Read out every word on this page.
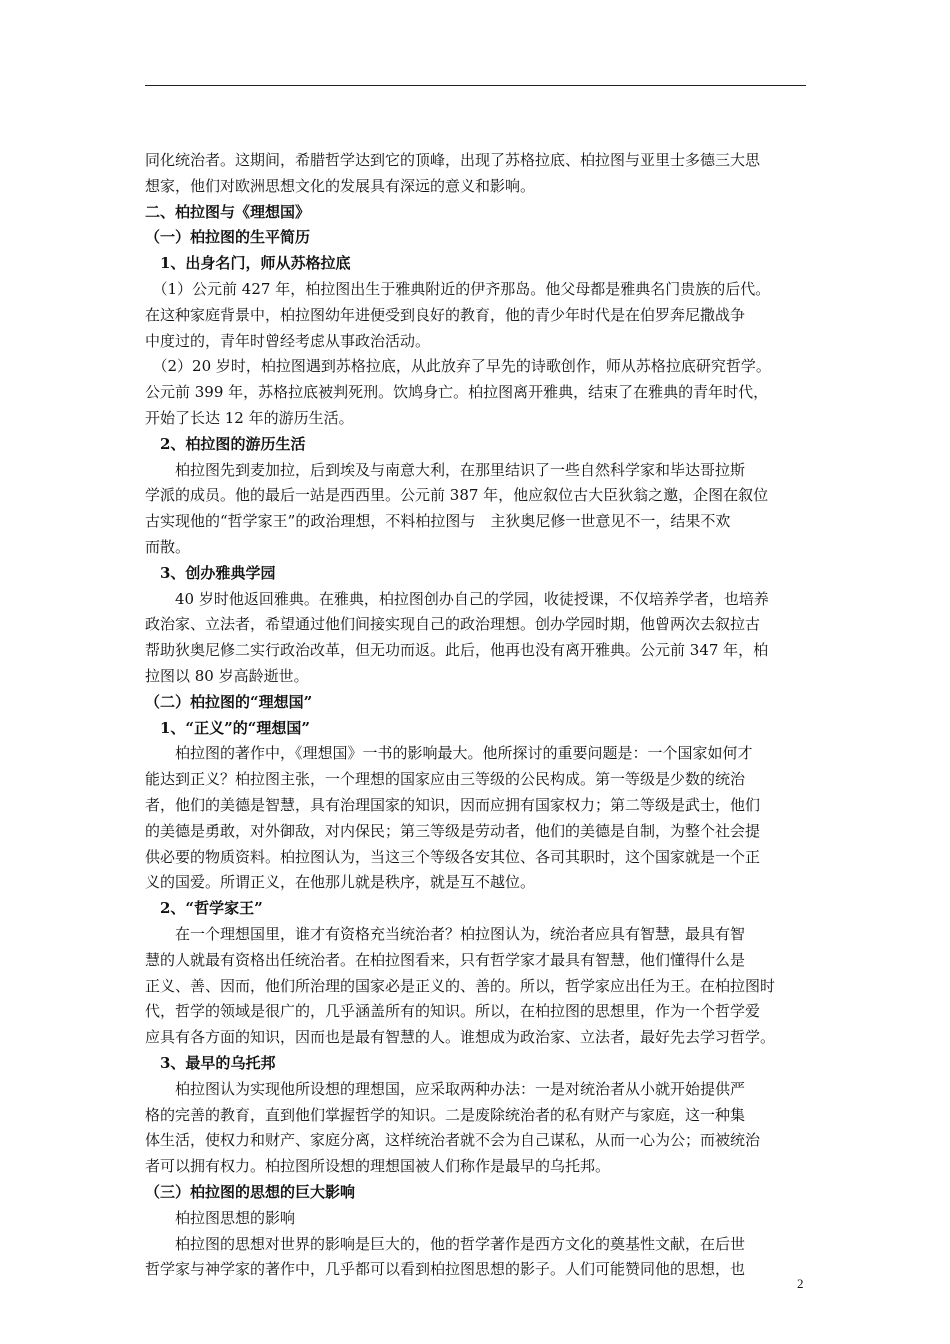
同化统治者。这期间，希腊哲学达到它的顶峰，出现了苏格拉底、柏拉图与亚里士多德三大思
想家，他们对欧洲思想文化的发展具有深远的意义和影响。
二、柏拉图与《理想国》
（一）柏拉图的生平简历
　1、出身名门，师从苏格拉底
　（1）公元前 427 年，柏拉图出生于雅典附近的伊齐那岛。他父母都是雅典名门贵族的后代。
在这种家庭背景中，柏拉图幼年进便受到良好的教育，他的青少年时代是在伯罗奔尼撒战争
中度过的，青年时曾经考虑从事政治活动。
　（2）20 岁时，柏拉图遇到苏格拉底，从此放弃了早先的诗歌创作，师从苏格拉底研究哲学。
公元前 399 年，苏格拉底被判死刑。饮鸠身亡。柏拉图离开雅典，结束了在雅典的青年时代，
开始了长达 12 年的游历生活。
　2、柏拉图的游历生活
　　柏拉图先到麦加拉，后到埃及与南意大利，在那里结识了一些自然科学家和毕达哥拉斯
学派的成员。他的最后一站是西西里。公元前 387 年，他应叙位古大臣狄翁之邀，企图在叙位
古实现他的“哲学家王”的政治理想，不料柏拉图与　主狄奥尼修一世意见不一，结果不欢
而散。
　3、创办雅典学园
　　40 岁时他返回雅典。在雅典，柏拉图创办自己的学园，收徒授课，不仅培养学者，也培养
政治家、立法者，希望通过他们间接实现自己的政治理想。创办学园时期，他曾两次去叙拉古
帮助狄奥尼修二实行政治改革，但无功而返。此后，他再也没有离开雅典。公元前 347 年，柏
拉图以 80 岁高龄逝世。
（二）柏拉图的“理想国”
　1、“正义”的“理想国”
　　柏拉图的著作中，《理想国》一书的影响最大。他所探讨的重要问题是：一个国家如何才
能达到正义？柏拉图主张，一个理想的国家应由三等级的公民构成。第一等级是少数的统治
者，他们的美德是智慧，具有治理国家的知识，因而应拥有国家权力；第二等级是武士，他们
的美德是勇敢，对外御敌，对内保民；第三等级是劳动者，他们的美德是自制，为整个社会提
供必要的物质资料。柏拉图认为，当这三个等级各安其位、各司其职时，这个国家就是一个正
义的国爱。所谓正义，在他那儿就是秩序，就是互不越位。
　2、“哲学家王”
　　在一个理想国里，谁才有资格充当统治者？柏拉图认为，统治者应具有智慧，最具有智
慧的人就最有资格出任统治者。在柏拉图看来，只有哲学家才最具有智慧，他们懂得什么是
正义、善、因而，他们所治理的国家必是正义的、善的。所以，哲学家应出任为王。在柏拉图时
代，哲学的领域是很广的，几乎涵盖所有的知识。所以，在柏拉图的思想里，作为一个哲学爱
应具有各方面的知识，因而也是最有智慧的人。谁想成为政治家、立法者，最好先去学习哲学。
　3、最早的乌托邦
　　柏拉图认为实现他所设想的理想国，应采取两种办法：一是对统治者从小就开始提供严
格的完善的教育，直到他们掌握哲学的知识。二是废除统治者的私有财产与家庭，这一种集
体生活，使权力和财产、家庭分离，这样统治者就不会为自己谋私，从而一心为公；而被统治
者可以拥有权力。柏拉图所设想的理想国被人们称作是最早的乌托邦。
（三）柏拉图的思想的巨大影响
　　柏拉图思想的影响
　　柏拉图的思想对世界的影响是巨大的，他的哲学著作是西方文化的奠基性文献，在后世
哲学家与神学家的著作中，几乎都可以看到柏拉图思想的影子。人们可能赞同他的思想，也
2
